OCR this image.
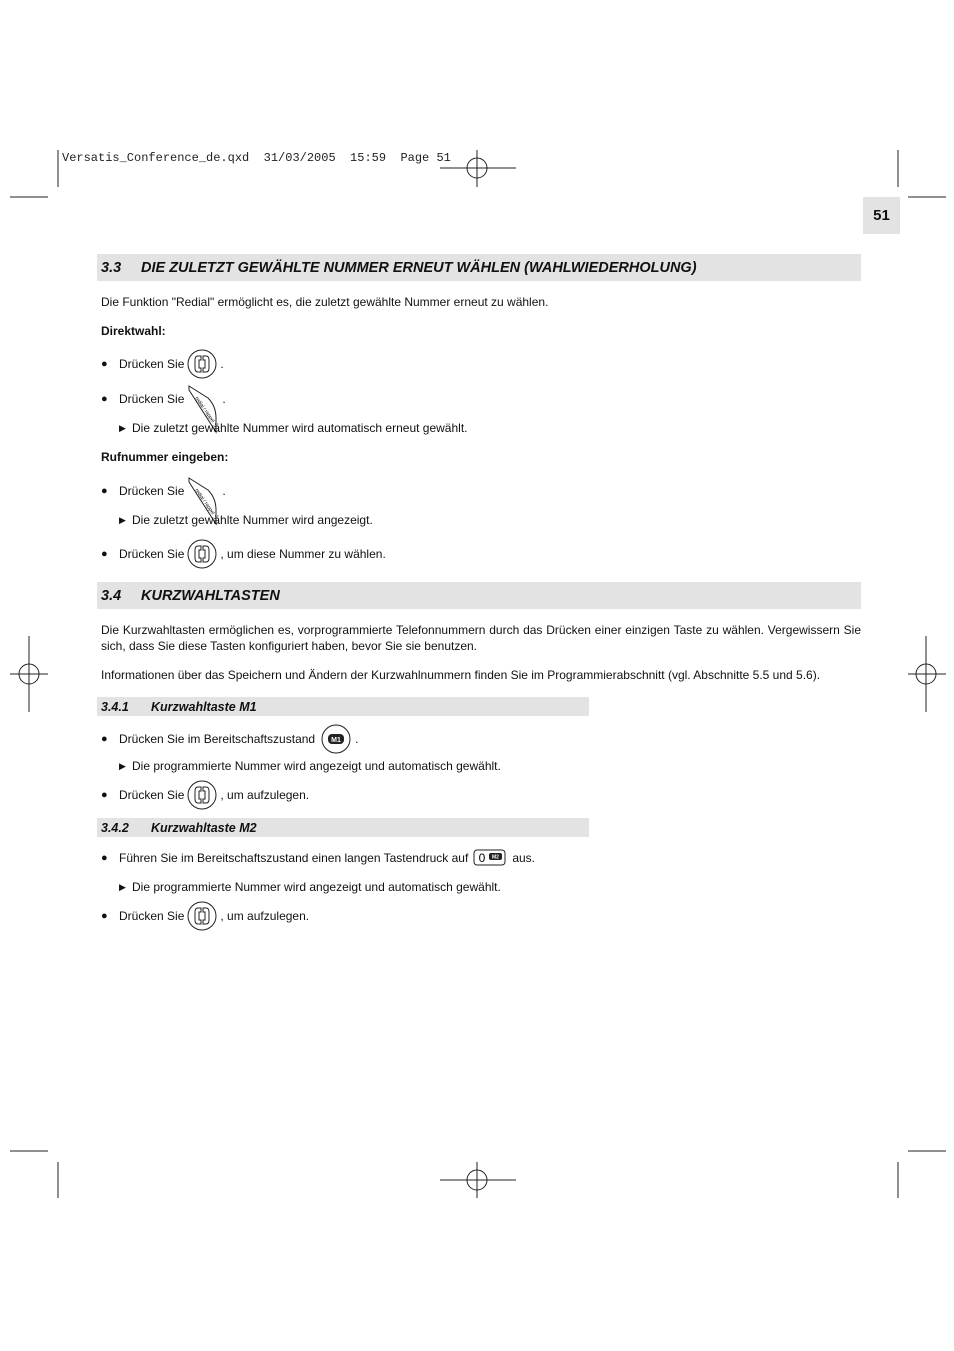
Versatis_Conference_de.qxd  31/03/2005  15:59  Page 51
51
3.3	DIE ZULETZT GEWÄHLTE NUMMER ERNEUT WÄHLEN (WAHLWIEDERHOLUNG)
Die Funktion "Redial" ermöglicht es, die zuletzt gewählte Nummer erneut zu wählen.
Direktwahl:
● Drücken Sie	.
● Drücken Sie redial / rappel .
▶ Die zuletzt gewählte Nummer wird automatisch erneut gewählt.
Rufnummer eingeben:
● Drücken Sie redial / rappel .
▶ Die zuletzt gewählte Nummer wird angezeigt.
● Drücken Sie	, um diese Nummer zu wählen.
3.4	KURZWAHLTASTEN
Die Kurzwahltasten ermöglichen es, vorprogrammierte Telefonnummern durch das Drücken einer einzigen Taste zu wählen. Vergewissern Sie sich, dass Sie diese Tasten konfiguriert haben, bevor Sie sie benutzen.
Informationen über das Speichern und Ändern der Kurzwahlnummern finden Sie im Programmierabschnitt (vgl. Abschnitte 5.5 und 5.6).
3.4.1	Kurzwahltaste M1
● Drücken Sie im Bereitschaftszustand M1 .
▶ Die programmierte Nummer wird angezeigt und automatisch gewählt.
● Drücken Sie	, um aufzulegen.
3.4.2	Kurzwahltaste M2
● Führen Sie im Bereitschaftszustand einen langen Tastendruck auf 0 M2 aus.
▶ Die programmierte Nummer wird angezeigt und automatisch gewählt.
● Drücken Sie	, um aufzulegen.
